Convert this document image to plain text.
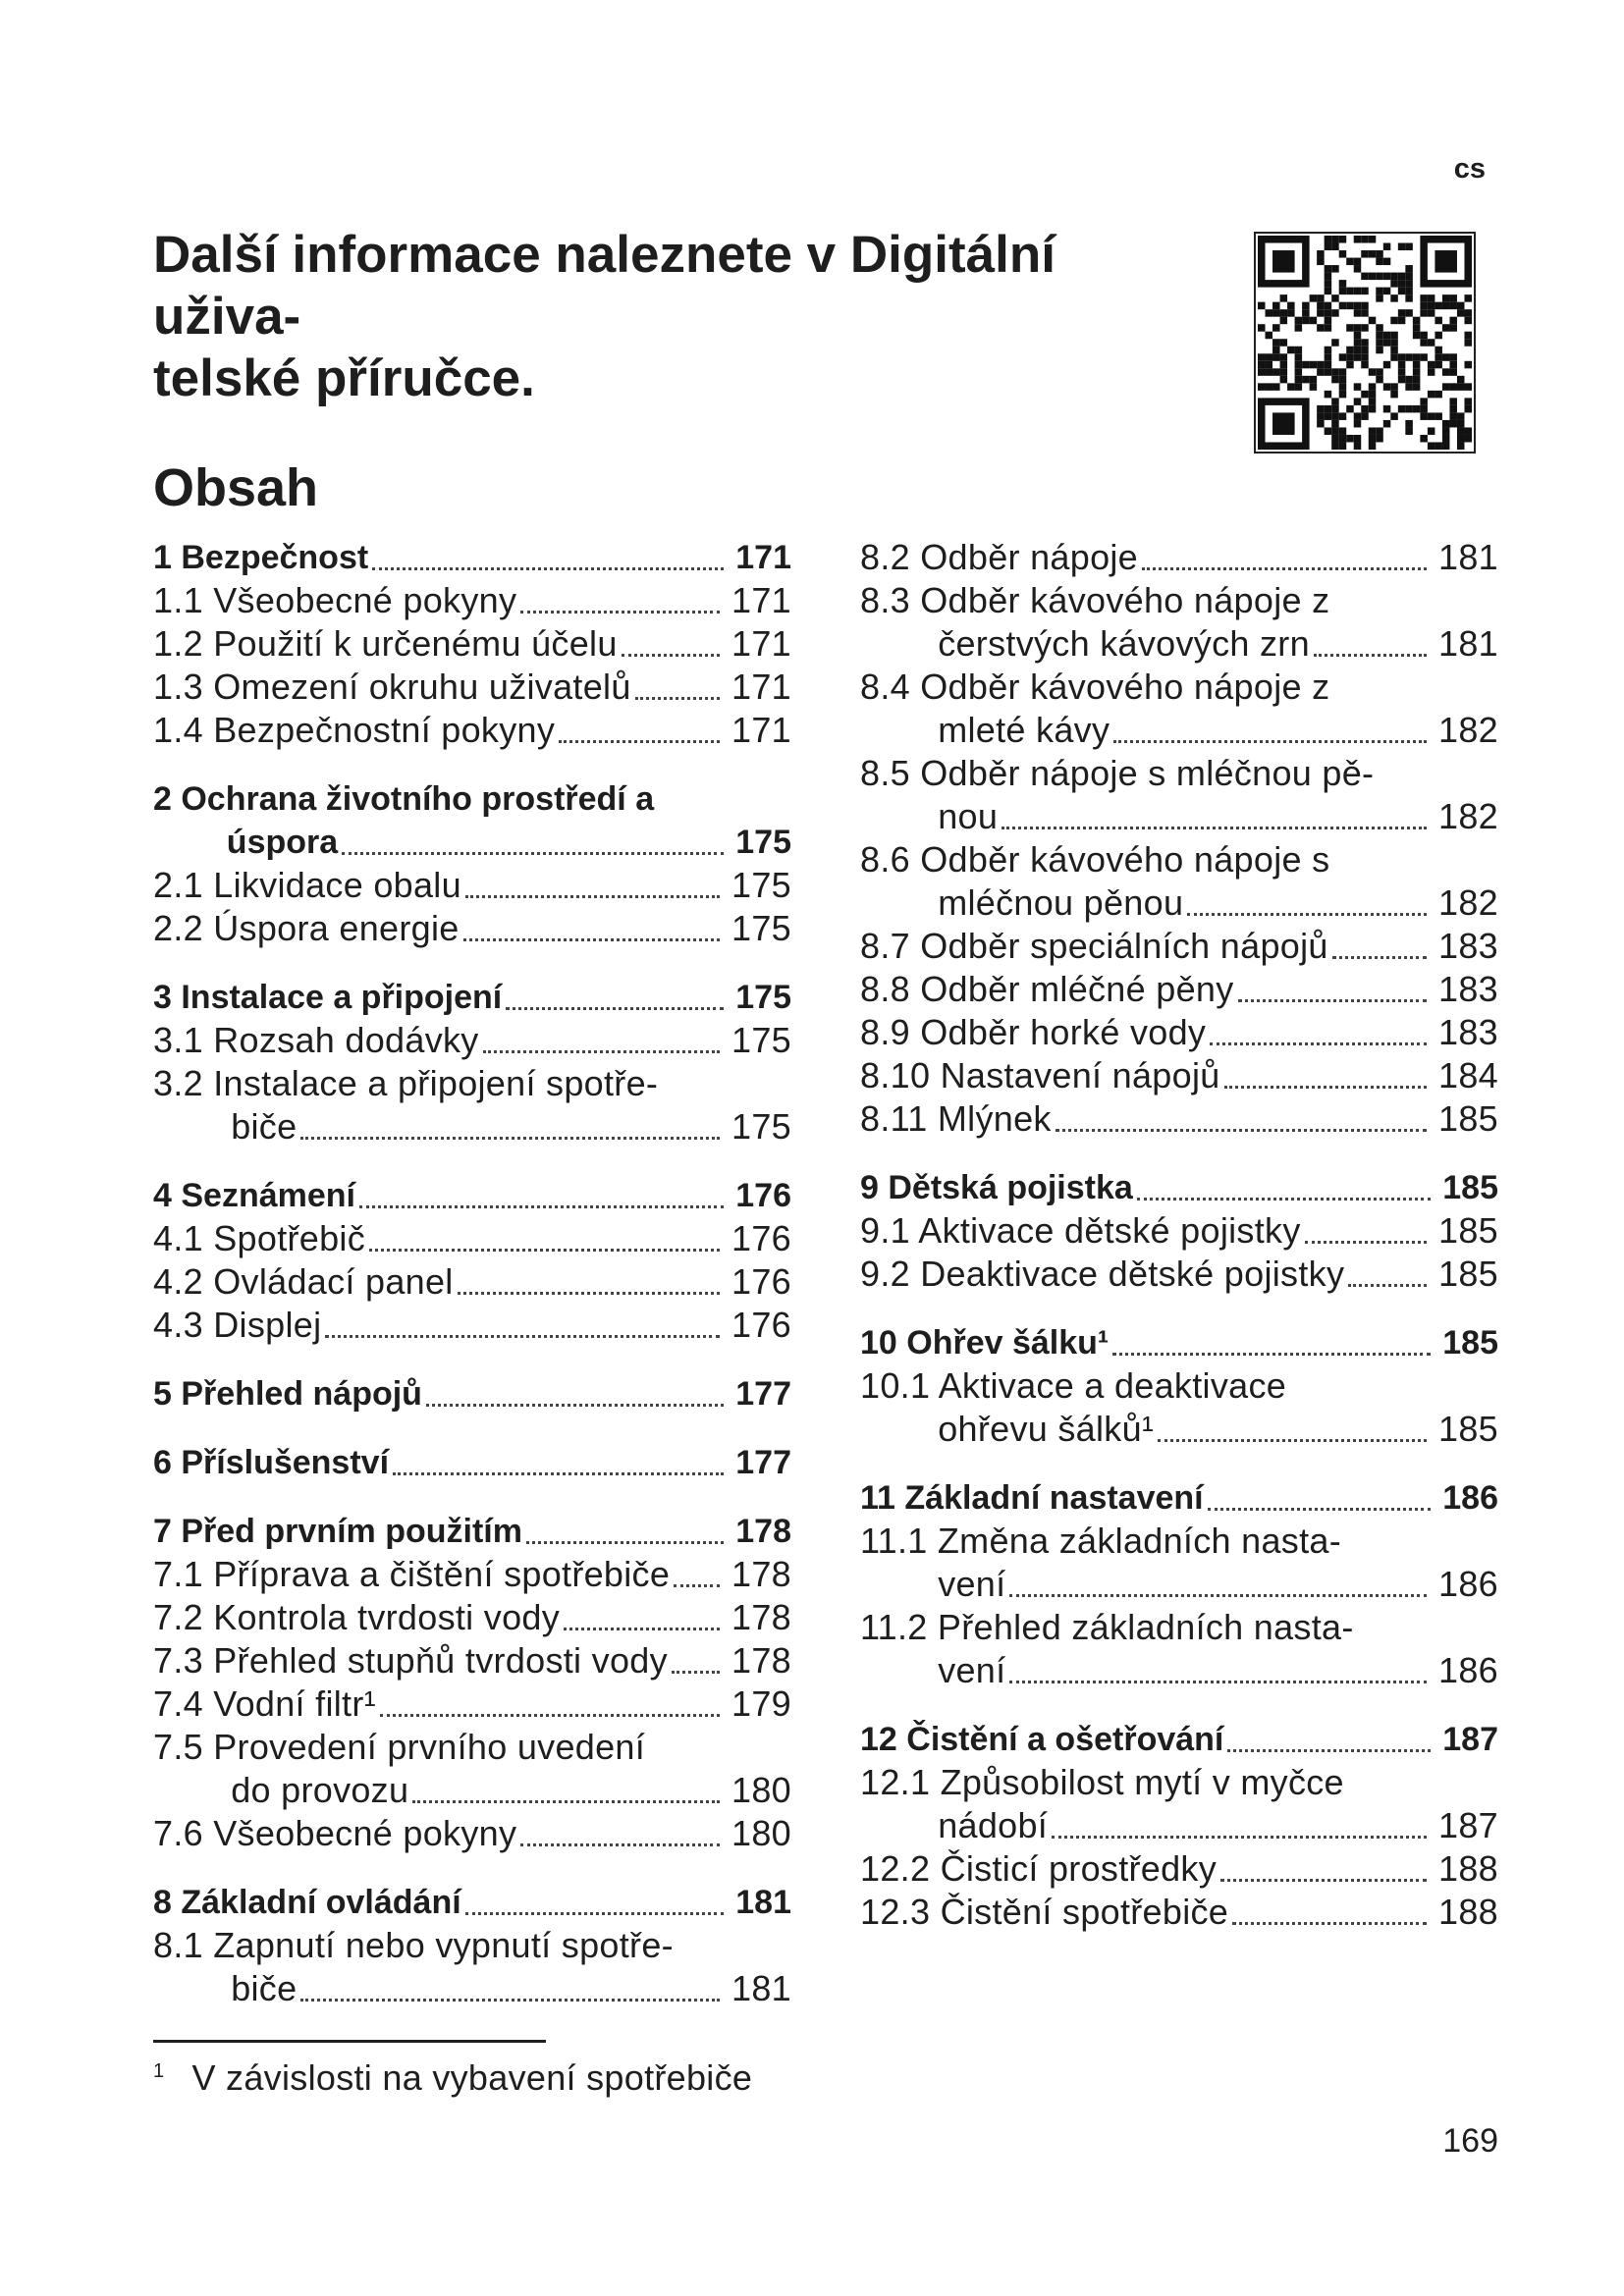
cs
Další informace naleznete v Digitální uživa-
telské příručce.
Obsah
1 Bezpečnost	171
1.1 Všeobecné pokyny	171
1.2 Použití k určenému účelu	171
1.3 Omezení okruhu uživatelů	171
1.4 Bezpečnostní pokyny	171
2 Ochrana životního prostředí a
úspora	175
2.1 Likvidace obalu	175
2.2 Úspora energie	175
3 Instalace a připojení	175
3.1 Rozsah dodávky	175
3.2 Instalace a připojení spotře-
biče	175
4 Seznámení	176
4.1 Spotřebič	176
4.2 Ovládací panel	176
4.3 Displej	176
5 Přehled nápojů	177
6 Příslušenství	177
7 Před prvním použitím	178
7.1 Příprava a čištění spotřebiče	178
7.2 Kontrola tvrdosti vody	178
7.3 Přehled stupňů tvrdosti vody	178
7.4 Vodní filtr¹	179
7.5 Provedení prvního uvedení
do provozu	180
7.6 Všeobecné pokyny	180
8 Základní ovládání	181
8.1 Zapnutí nebo vypnutí spotře-
biče	181
8.2 Odběr nápoje	181
8.3 Odběr kávového nápoje z
čerstvých kávových zrn	181
8.4 Odběr kávového nápoje z
mleté kávy	182
8.5 Odběr nápoje s mléčnou pě-
nou	182
8.6 Odběr kávového nápoje s
mléčnou pěnou	182
8.7 Odběr speciálních nápojů	183
8.8 Odběr mléčné pěny	183
8.9 Odběr horké vody	183
8.10 Nastavení nápojů	184
8.11 Mlýnek	185
9 Dětská pojistka	185
9.1 Aktivace dětské pojistky	185
9.2 Deaktivace dětské pojistky	185
10 Ohřev šálku¹	185
10.1 Aktivace a deaktivace
ohřevu šálků¹	185
11 Základní nastavení	186
11.1 Změna základních nasta-
vení	186
11.2 Přehled základních nasta-
vení	186
12 Čistění a ošetřování	187
12.1 Způsobilost mytí v myčce
nádobí	187
12.2 Čisticí prostředky	188
12.3 Čistění spotřebiče	188
$^1$ V závislosti na vybavení spotřebiče
169
